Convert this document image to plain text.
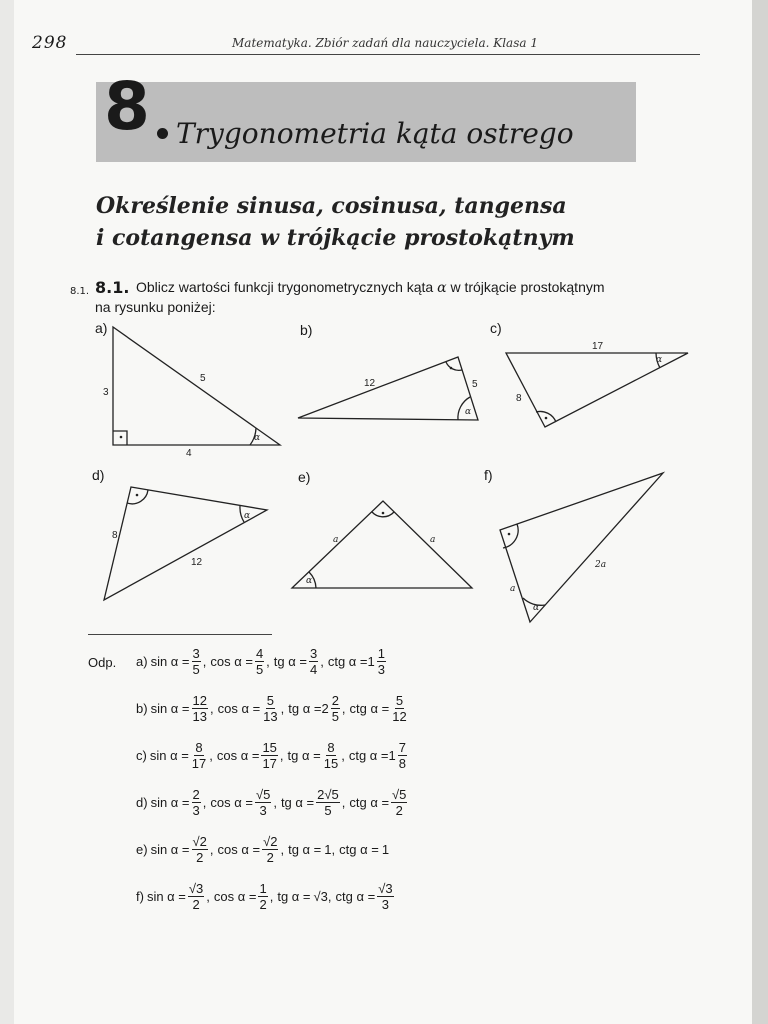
298	Matematyka. Zbiór zadań dla nauczyciela. Klasa 1
8 Trygonometria kąta ostrego
Określenie sinusa, cosinusa, tangensa
i cotangensa w trójkącie prostokątnym
8.1. 8.1. Oblicz wartości funkcji trygonometrycznych kąta α w trójkącie prostokątnym
na rysunku poniżej:
a)	b)	c)
d)	e)	f)
3
5
4
α
12	5
α
17
8
α
8
12
α
a	a
α
2a
a
α
Odp. a) $\sin \alpha = \frac{3}{5}$ , $\cos \alpha = \frac{4}{5}$ , tg $\alpha = \frac{3}{4}$ , ctg $\alpha = 1 \frac{1}{3}$
b) $\sin \alpha = \frac{12}{13}$ , $\cos \alpha = \frac{5}{13}$ , tg $\alpha = 2 \frac{2}{5}$ , ctg $\alpha = \frac{5}{12}$
c) $\sin \alpha = \frac{8}{17}$ , $\cos \alpha = \frac{15}{17}$ , tg $\alpha = \frac{8}{15}$ , ctg $\alpha = 1 \frac{7}{8}$
d) $\sin \alpha = \frac{2}{3}$ , $\cos \alpha = \frac{√5}{3}$ , tg $\alpha = \frac{2√5}{5}$ , ctg $\alpha = \frac{√5}{2}$
e) $\sin \alpha = \frac{√2}{2}$ , $\cos \alpha = \frac{√2}{2}$ , tg α = 1 , ctg α = 1
f) $\sin \alpha = \frac{√3}{2}$ , $\cos \alpha = \frac{1}{2}$ , tg α = √3 , ctg $\alpha = \frac{√3}{3}$
